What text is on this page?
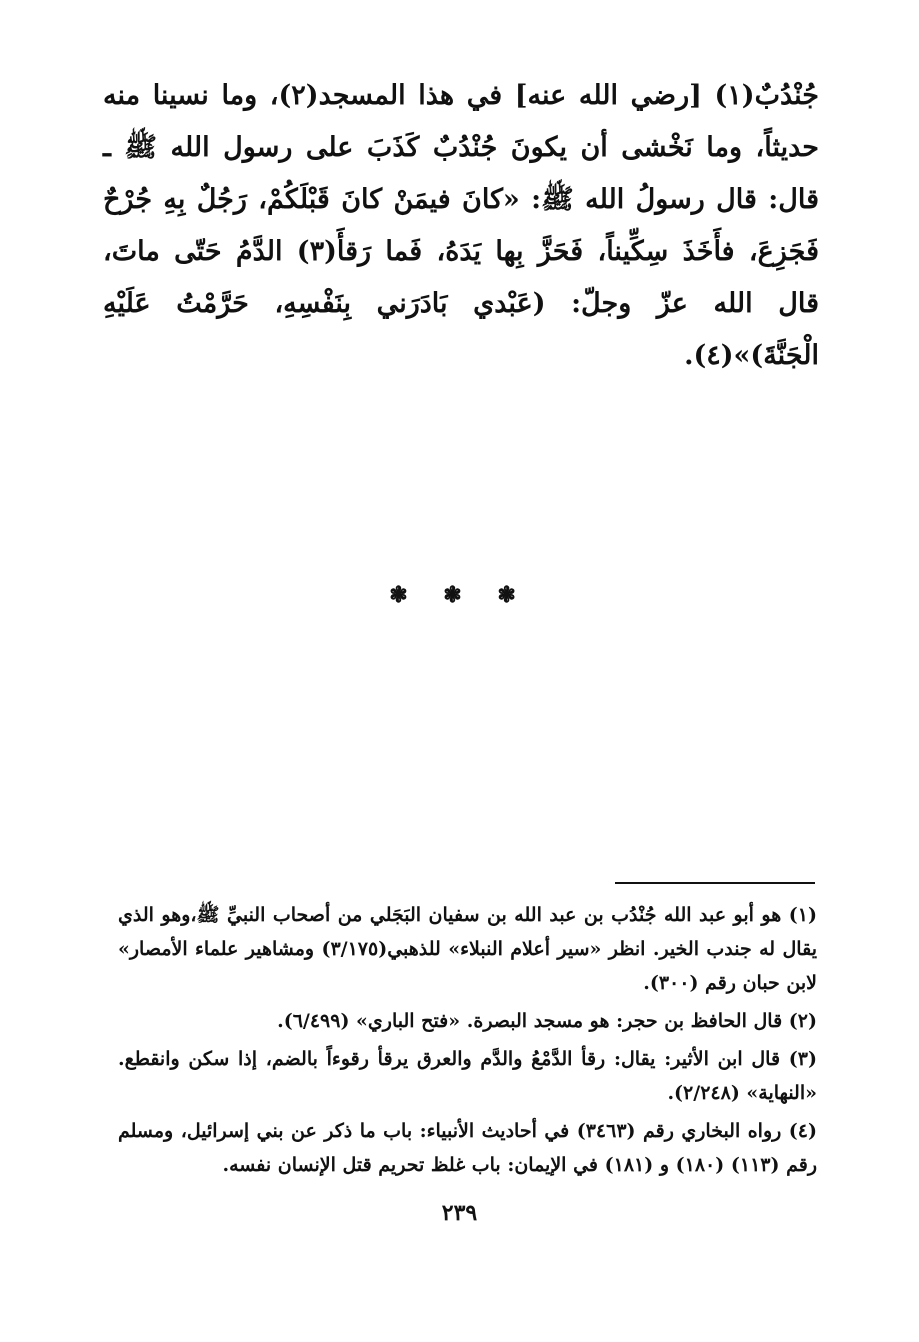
جُنْدُبٌ(١) [رضي الله عنه] في هذا المسجد(٢)، وما نسينا منه حديثاً، وما نَخْشى أن يكونَ جُنْدُبٌ كَذَبَ على رسول الله ﷺ ـ قال: قال رسولُ الله ﷺ: «كانَ فيمَنْ كانَ قَبْلَكُمْ، رَجُلٌ بِهِ جُرْحٌ فَجَزِعَ، فأَخَذَ سِكِّيناً، فَحَزَّ بِها يَدَهُ، فَما رَقأَ(٣) الدَّمُ حَتّى ماتَ، قال الله عزّ وجلّ: (عَبْدي بَادَرَني بِنَفْسِهِ، حَرَّمْتُ عَلَيْهِ الْجَنَّةَ)»(٤).

❃ ❃ ❃

(١) هو أبو عبد الله جُنْدُب بن عبد الله بن سفيان البَجَلي من أصحاب النبيِّ ﷺ،وهو الذي يقال له جندب الخير. انظر «سير أعلام النبلاء» للذهبي(٣/١٧٥) ومشاهير علماء الأمصار» لابن حبان رقم (٣٠٠).

(٢) قال الحافظ بن حجر: هو مسجد البصرة. «فتح الباري» (٦/٤٩٩).

(٣) قال ابن الأثير: يقال: رقأ الدَّمْعُ والدَّم والعرق يرقأ رقوءاً بالضم، إذا سكن وانقطع. «النهاية» (٢/٢٤٨).

(٤) رواه البخاري رقم (٣٤٦٣) في أحاديث الأنبياء: باب ما ذكر عن بني إسرائيل، ومسلم رقم (١١٣) (١٨٠) و (١٨١) في الإيمان: باب غلظ تحريم قتل الإنسان نفسه.

٢٣٩
